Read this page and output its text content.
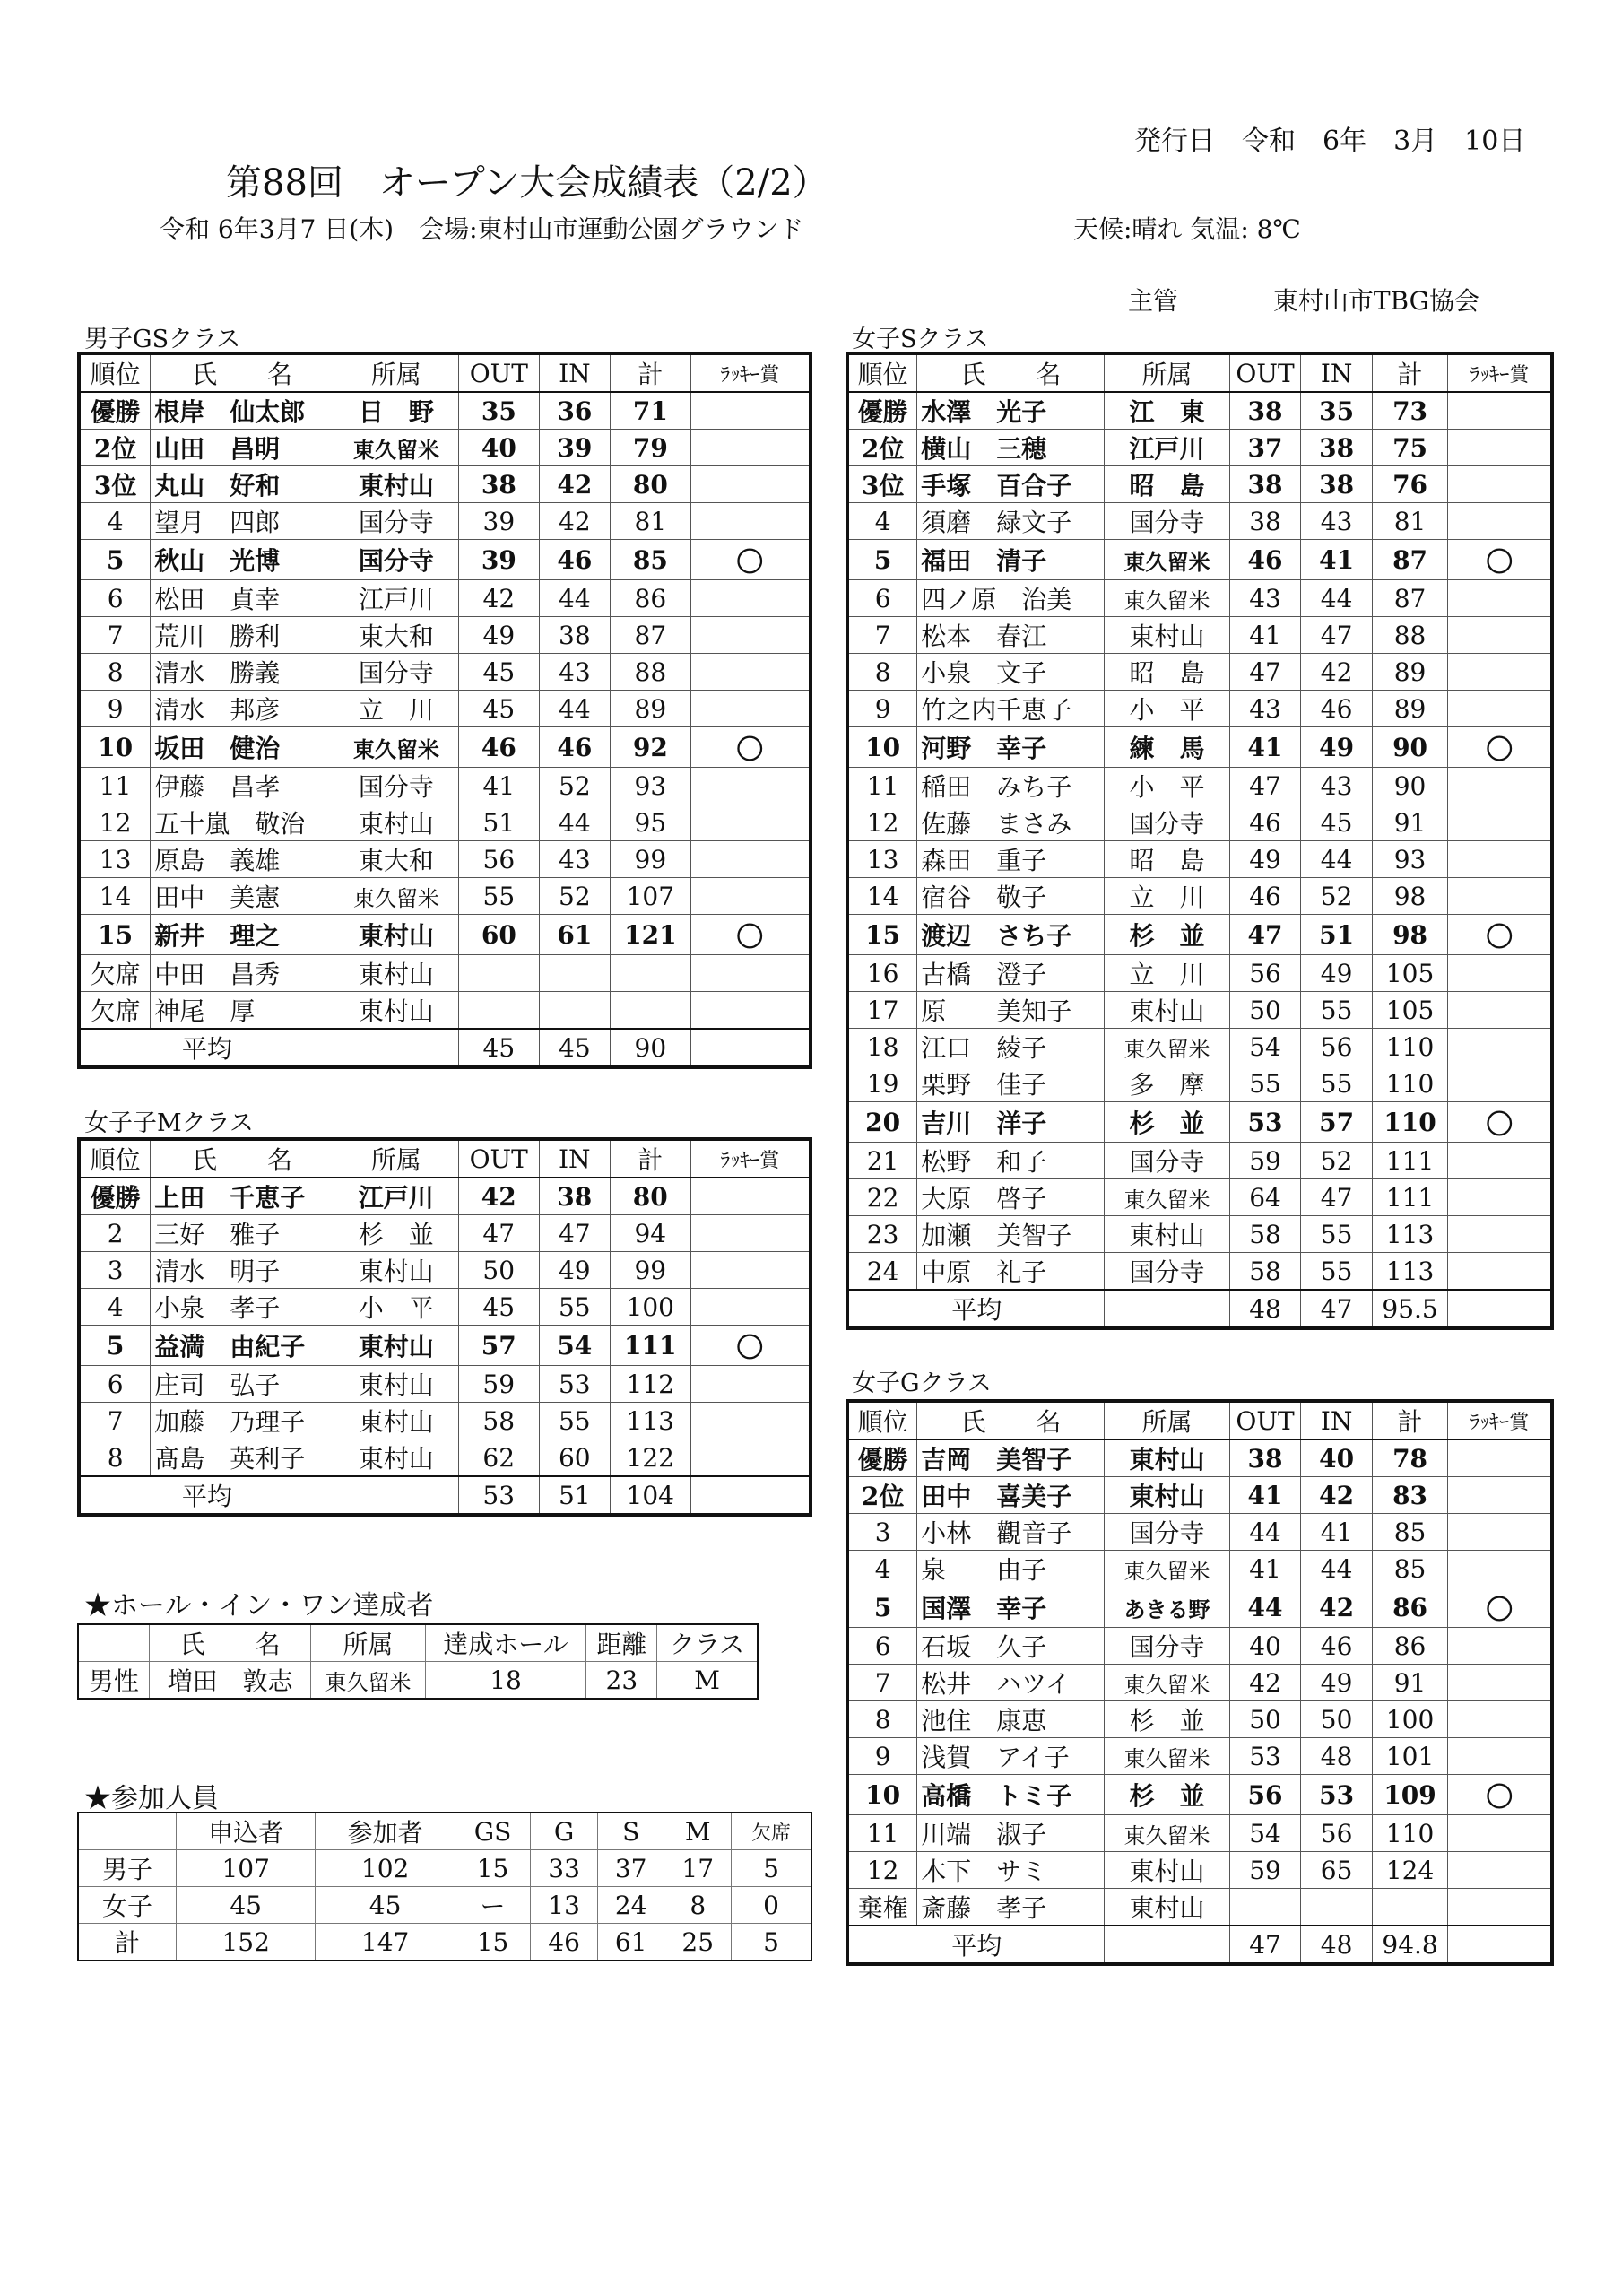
発行日　令和　6年　3月　10日
第88回　オープン大会成績表（2/2）
令和 6年3月7 日(木)　会場:東村山市運動公園グラウンド	天候:晴れ 気温: 8℃
主管	東村山市TBG協会
男子GSクラス	女子Sクラス
女子子Mクラス
女子Gクラス
順位	氏　　名	所属	OUT	IN	計	ﾗｯｷｰ賞
優勝	根岸　仙太郎	日　野	35	36	71	
2位	山田　昌明	東久留米	40	39	79	
3位	丸山　好和	東村山	38	42	80	
4	望月　四郎	国分寺	39	42	81	
5	秋山　光博	国分寺	39	46	85	〇
6	松田　貞幸	江戸川	42	44	86	
7	荒川　勝利	東大和	49	38	87	
8	清水　勝義	国分寺	45	43	88	
9	清水　邦彦	立　川	45	44	89	
10	坂田　健治	東久留米	46	46	92	〇
11	伊藤　昌孝	国分寺	41	52	93	
12	五十嵐　敬治	東村山	51	44	95	
13	原島　義雄	東大和	56	43	99	
14	田中　美憲	東久留米	55	52	107	
15	新井　理之	東村山	60	61	121	〇
欠席	中田　昌秀	東村山				
欠席	神尾　厚	東村山				
平均			45	45	90	
順位	氏　　名	所属	OUT	IN	計	ﾗｯｷｰ賞
優勝	上田　千恵子	江戸川	42	38	80	
2	三好　雅子	杉　並	47	47	94	
3	清水　明子	東村山	50	49	99	
4	小泉　孝子	小　平	45	55	100	
5	益満　由紀子	東村山	57	54	111	〇
6	庄司　弘子	東村山	59	53	112	
7	加藤　乃理子	東村山	58	55	113	
8	髙島　英利子	東村山	62	60	122	
平均			53	51	104	
順位	氏　　名	所属	OUT	IN	計	ﾗｯｷｰ賞
優勝	水澤　光子	江　東	38	35	73	
2位	横山　三穂	江戸川	37	38	75	
3位	手塚　百合子	昭　島	38	38	76	
4	須磨　緑文子	国分寺	38	43	81	
5	福田　清子	東久留米	46	41	87	〇
6	四ノ原　治美	東久留米	43	44	87	
7	松本　春江	東村山	41	47	88	
8	小泉　文子	昭　島	47	42	89	
9	竹之内千恵子	小　平	43	46	89	
10	河野　幸子	練　馬	41	49	90	〇
11	稲田　みち子	小　平	47	43	90	
12	佐藤　まさみ	国分寺	46	45	91	
13	森田　重子	昭　島	49	44	93	
14	宿谷　敬子	立　川	46	52	98	
15	渡辺　さち子	杉　並	47	51	98	〇
16	古橋　澄子	立　川	56	49	105	
17	原　　美知子	東村山	50	55	105	
18	江口　綾子	東久留米	54	56	110	
19	栗野　佳子	多　摩	55	55	110	
20	吉川　洋子	杉　並	53	57	110	〇
21	松野　和子	国分寺	59	52	111	
22	大原　啓子	東久留米	64	47	111	
23	加瀬　美智子	東村山	58	55	113	
24	中原　礼子	国分寺	58	55	113	
平均			48	47	95.5	
順位	氏　　名	所属	OUT	IN	計	ﾗｯｷｰ賞
優勝	吉岡　美智子	東村山	38	40	78	
2位	田中　喜美子	東村山	41	42	83	
3	小林　觀音子	国分寺	44	41	85	
4	泉　　由子	東久留米	41	44	85	
5	国澤　幸子	あきる野	44	42	86	〇
6	石坂　久子	国分寺	40	46	86	
7	松井　ハツイ	東久留米	42	49	91	
8	池住　康恵	杉　並	50	50	100	
9	浅賀　アイ子	東久留米	53	48	101	
10	高橋　トミ子	杉　並	56	53	109	〇
11	川端　淑子	東久留米	54	56	110	
12	木下　サミ	東村山	59	65	124	
棄権	斎藤　孝子	東村山				
平均			47	48	94.8	
★ホール・イン・ワン達成者
	氏　　名	所属	達成ホール	距離	クラス
男性	増田　敦志	東久留米	18	23	M
★参加人員
	申込者	参加者	GS	G	S	M	欠席
男子	107	102	15	33	37	17	5
女子	45	45	ー	13	24	8	0
計	152	147	15	46	61	25	5
